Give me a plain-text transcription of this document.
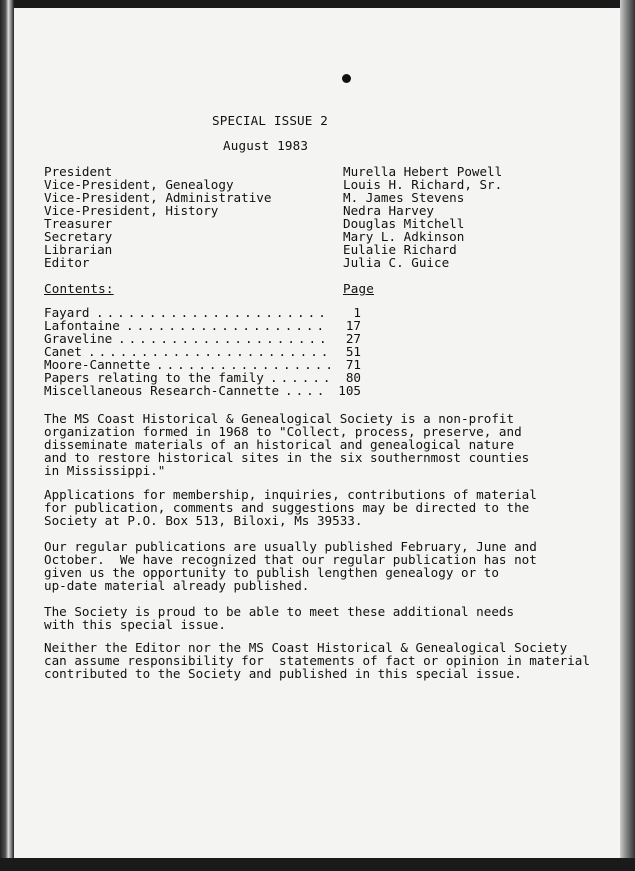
SPECIAL ISSUE 2
August 1983
President	Murella Hebert Powell
Vice-President, Genealogy	Louis H. Richard, Sr.
Vice-President, Administrative	M. James Stevens
Vice-President, History	Nedra Harvey
Treasurer	Douglas Mitchell
Secretary	Mary L. Adkinson
Librarian	Eulalie Richard
Editor	Julia C. Guice
Contents:	Page
Fayard ......................	1
Lafontaine ...................	17
Graveline ....................	27
Canet .......................	51
Moore-Cannette ................. 71
Papers relating to the family ...... 80
Miscellaneous Research-Cannette .... 105
The MS Coast Historical & Genealogical Society is a non-profit
organization formed in 1968 to "Collect, process, preserve, and
disseminate materials of an historical and genealogical nature
and to restore historical sites in the six southernmost counties
in Mississippi."
Applications for membership, inquiries, contributions of material
for publication, comments and suggestions may be directed to the
Society at P.O. Box 513, Biloxi, Ms 39533.
Our regular publications are usually published February, June and
October.  We have recognized that our regular publication has not
given us the opportunity to publish lengthen genealogy or to
up-date material already published.
The Society is proud to be able to meet these additional needs
with this special issue.
Neither the Editor nor the MS Coast Historical & Genealogical Society
can assume responsibility for  statements of fact or opinion in material
contributed to the Society and published in this special issue.
